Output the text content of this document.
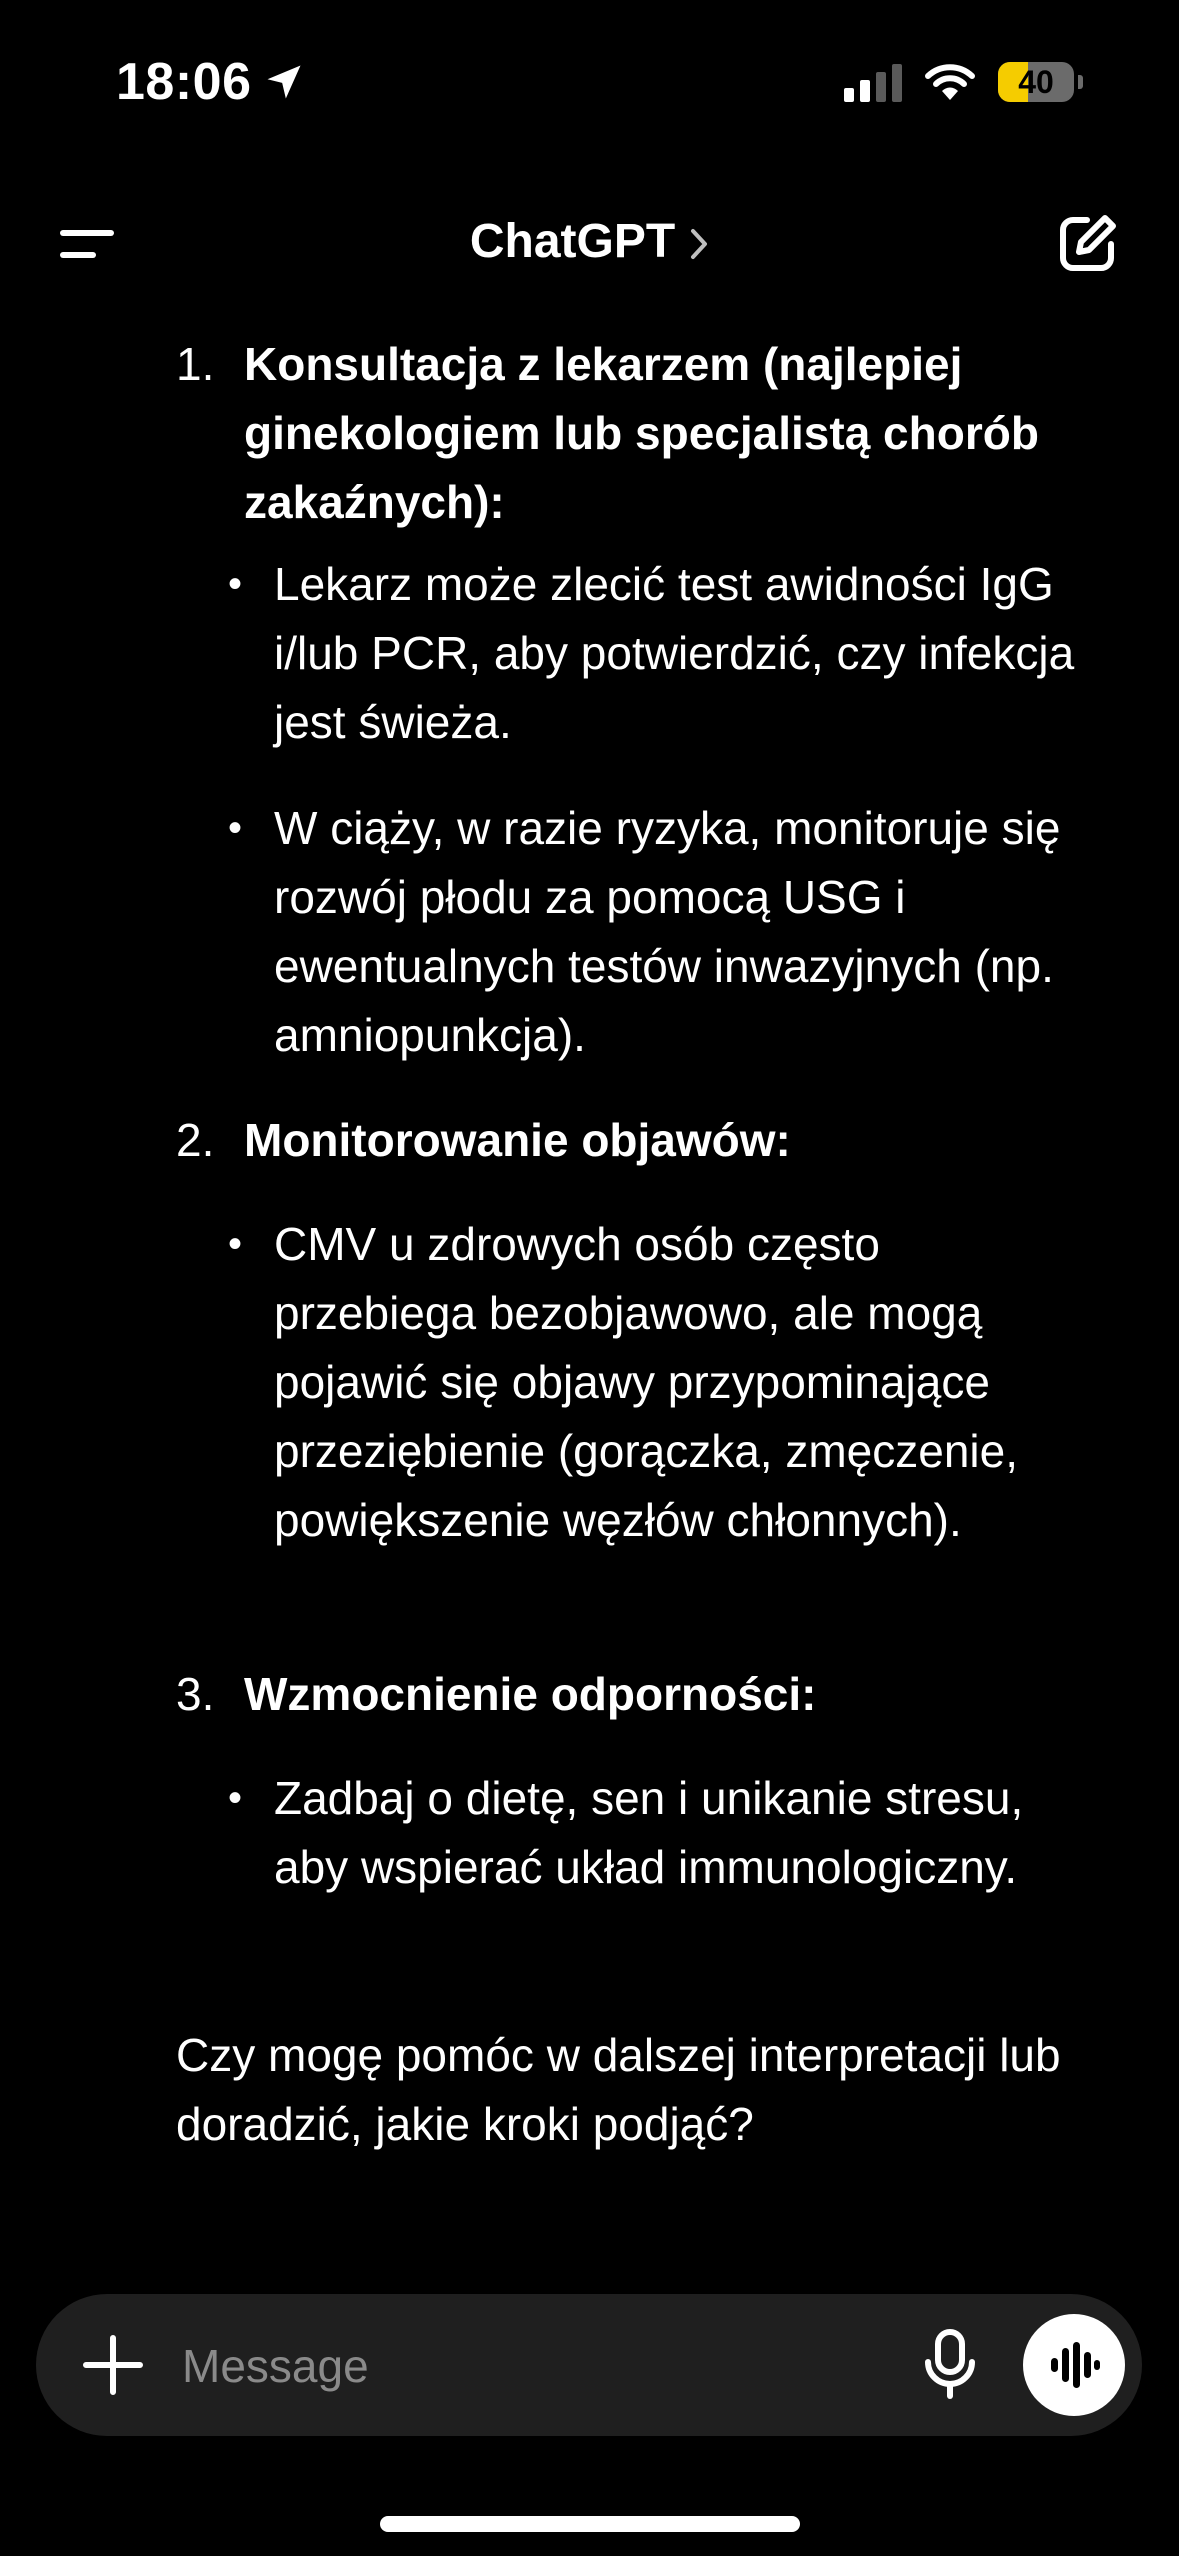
18:06	40
ChatGPT
1. Konsultacja z lekarzem (najlepiej ginekologiem lub specjalistą chorób zakaźnych):
• Lekarz może zlecić test awidności IgG i/lub PCR, aby potwierdzić, czy infekcja jest świeża.
• W ciąży, w razie ryzyka, monitoruje się rozwój płodu za pomocą USG i ewentualnych testów inwazyjnych (np. amniopunkcja).
2. Monitorowanie objawów:
• CMV u zdrowych osób często przebiega bezobjawowo, ale mogą pojawić się objawy przypominające przeziębienie (gorączka, zmęczenie, powiększenie węzłów chłonnych).
3. Wzmocnienie odporności:
• Zadbaj o dietę, sen i unikanie stresu, aby wspierać układ immunologiczny.
Czy mogę pomóc w dalszej interpretacji lub doradzić, jakie kroki podjąć?
Message
